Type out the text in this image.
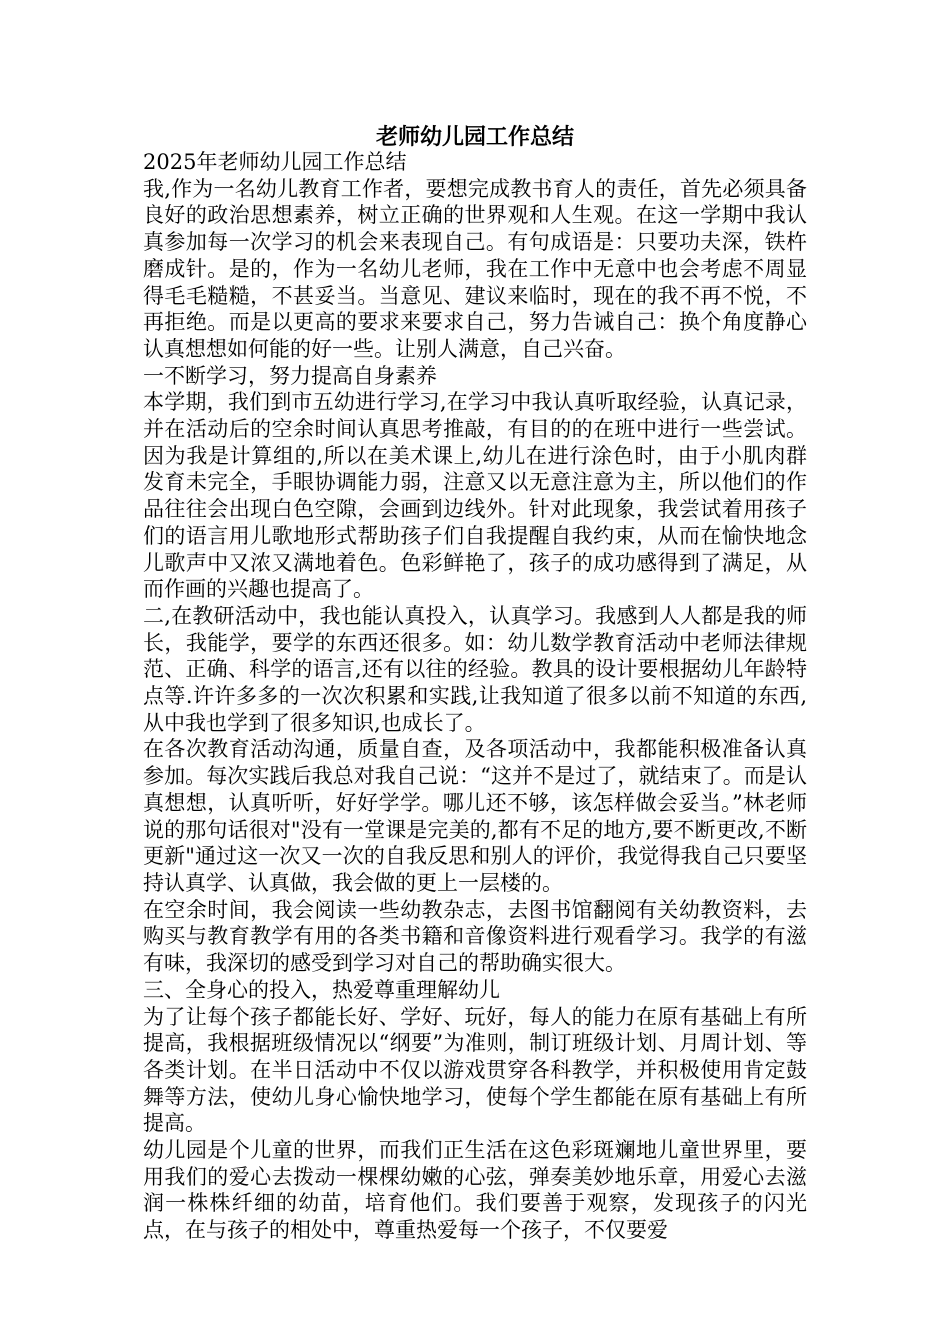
老师幼儿园工作总结

2025年老师幼儿园工作总结

我,作为一名幼儿教育工作者，要想完成教书育人的责任，首先必须具备良好的政治思想素养，树立正确的世界观和人生观。在这一学期中我认真参加每一次学习的机会来表现自己。有句成语是：只要功夫深，铁杵磨成针。是的，作为一名幼儿老师，我在工作中无意中也会考虑不周显得毛毛糙糙，不甚妥当。当意见、建议来临时，现在的我不再不悦，不再拒绝。而是以更高的要求来要求自己，努力告诫自己：换个角度静心认真想想如何能的好一些。让别人满意，自己兴奋。

一不断学习，努力提高自身素养

本学期，我们到市五幼进行学习,在学习中我认真听取经验，认真记录，并在活动后的空余时间认真思考推敲，有目的的在班中进行一些尝试。因为我是计算组的,所以在美术课上,幼儿在进行涂色时，由于小肌肉群发育未完全，手眼协调能力弱，注意又以无意注意为主，所以他们的作品往往会出现白色空隙，会画到边线外。针对此现象，我尝试着用孩子们的语言用儿歌地形式帮助孩子们自我提醒自我约束，从而在愉快地念儿歌声中又浓又满地着色。色彩鲜艳了，孩子的成功感得到了满足，从而作画的兴趣也提高了。

二,在教研活动中，我也能认真投入，认真学习。我感到人人都是我的师长，我能学，要学的东西还很多。如：幼儿数学教育活动中老师法律规范、正确、科学的语言,还有以往的经验。教具的设计要根据幼儿年龄特点等.许许多多的一次次积累和实践,让我知道了很多以前不知道的东西,从中我也学到了很多知识,也成长了。

在各次教育活动沟通，质量自查，及各项活动中，我都能积极准备认真参加。每次实践后我总对我自己说：“这并不是过了，就结束了。而是认真想想，认真听听，好好学学。哪儿还不够，该怎样做会妥当。”林老师说的那句话很对"没有一堂课是完美的,都有不足的地方,要不断更改,不断更新"通过这一次又一次的自我反思和别人的评价，我觉得我自己只要坚持认真学、认真做，我会做的更上一层楼的。

在空余时间，我会阅读一些幼教杂志，去图书馆翻阅有关幼教资料，去购买与教育教学有用的各类书籍和音像资料进行观看学习。我学的有滋有味，我深切的感受到学习对自己的帮助确实很大。

三、全身心的投入，热爱尊重理解幼儿

为了让每个孩子都能长好、学好、玩好，每人的能力在原有基础上有所提高，我根据班级情况以“纲要”为准则，制订班级计划、月周计划、等各类计划。在半日活动中不仅以游戏贯穿各科教学，并积极使用肯定鼓舞等方法，使幼儿身心愉快地学习，使每个学生都能在原有基础上有所提高。

幼儿园是个儿童的世界，而我们正生活在这色彩斑斓地儿童世界里，要用我们的爱心去拨动一棵棵幼嫩的心弦，弹奏美妙地乐章，用爱心去滋润一株株纤细的幼苗，培育他们。我们要善于观察，发现孩子的闪光点，在与孩子的相处中，尊重热爱每一个孩子，不仅要爱
